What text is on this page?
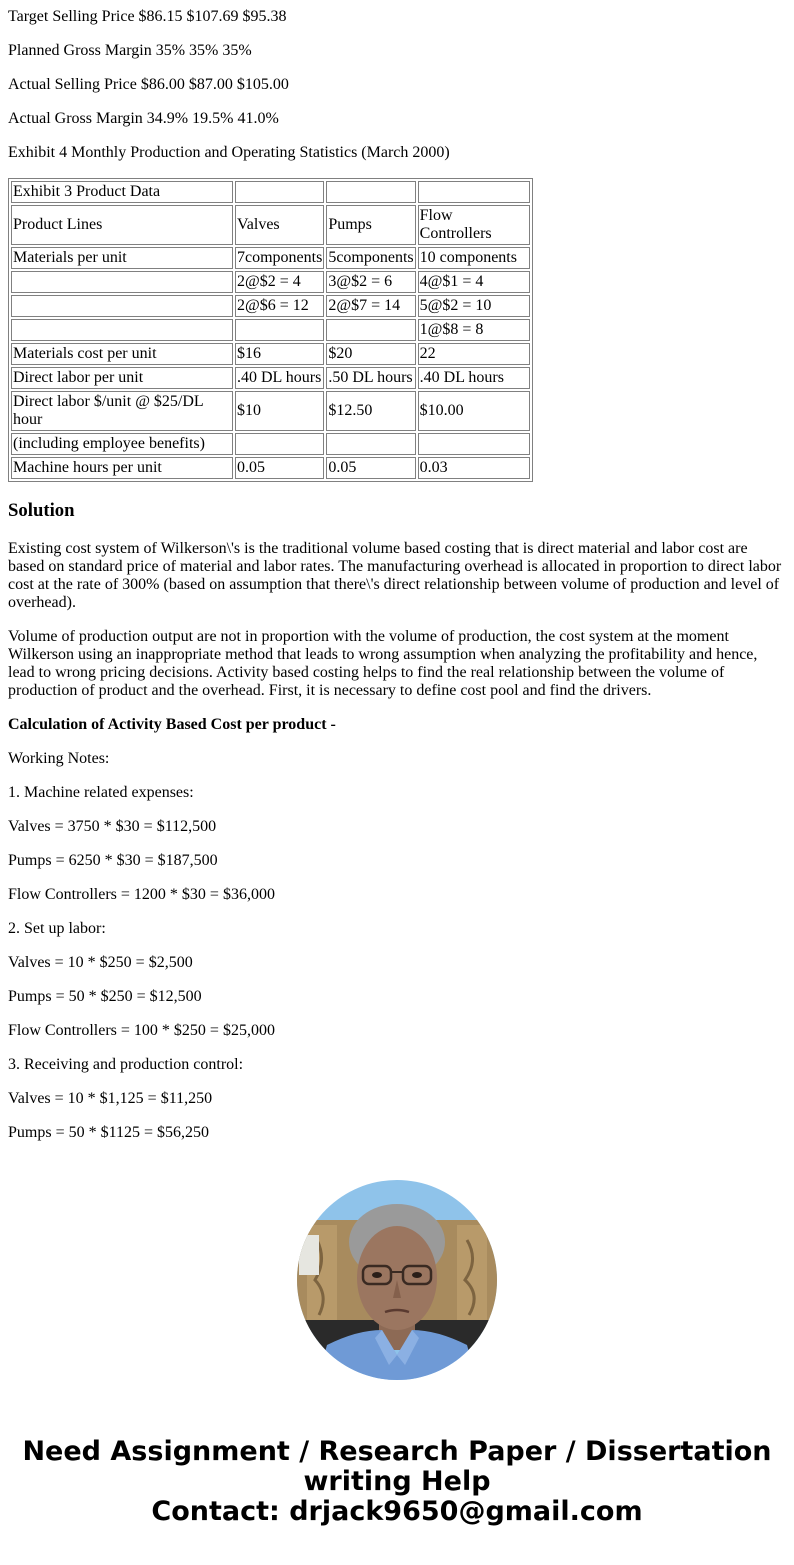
Target Selling Price $86.15 $107.69 $95.38

Planned Gross Margin 35% 35% 35%

Actual Selling Price $86.00 $87.00 $105.00

Actual Gross Margin 34.9% 19.5% 41.0%

Exhibit 4 Monthly Production and Operating Statistics (March 2000)

Exhibit 3 Product Data			
Product Lines	Valves	Pumps	Flow Controllers
Materials per unit	7components	5components	10 components
	2@$2 = 4	3@$2 = 6	4@$1 = 4
	2@$6 = 12	2@$7 = 14	5@$2 = 10
			1@$8 = 8
Materials cost per unit	$16	$20	22
Direct labor per unit	.40 DL hours	.50 DL hours	.40 DL hours
Direct labor $/unit @ $25/DL hour	$10	$12.50	$10.00
(including employee benefits)			
Machine hours per unit	0.05	0.05	0.03
Solution

Existing cost system of Wilkerson\'s is the traditional volume based costing that is direct material and labor cost are based on standard price of material and labor rates. The manufacturing overhead is allocated in proportion to direct labor cost at the rate of 300% (based on assumption that there\'s direct relationship between volume of production and level of overhead).

Volume of production output are not in proportion with the volume of production, the cost system at the moment Wilkerson using an inappropriate method that leads to wrong assumption when analyzing the profitability and hence, lead to wrong pricing decisions. Activity based costing helps to find the real relationship between the volume of production of product and the overhead. First, it is necessary to define cost pool and find the drivers.

Calculation of Activity Based Cost per product -

Working Notes:

1. Machine related expenses:

Valves = 3750 * $30 = $112,500

Pumps = 6250 * $30 = $187,500

Flow Controllers = 1200 * $30 = $36,000

2. Set up labor:

Valves = 10 * $250 = $2,500

Pumps = 50 * $250 = $12,500

Flow Controllers = 100 * $250 = $25,000

3. Receiving and production control:

Valves = 10 * $1,125 = $11,250

Pumps = 50 * $1125 = $56,250

Need Assignment / Research Paper / Dissertation writing Help
Contact: drjack9650@gmail.com
